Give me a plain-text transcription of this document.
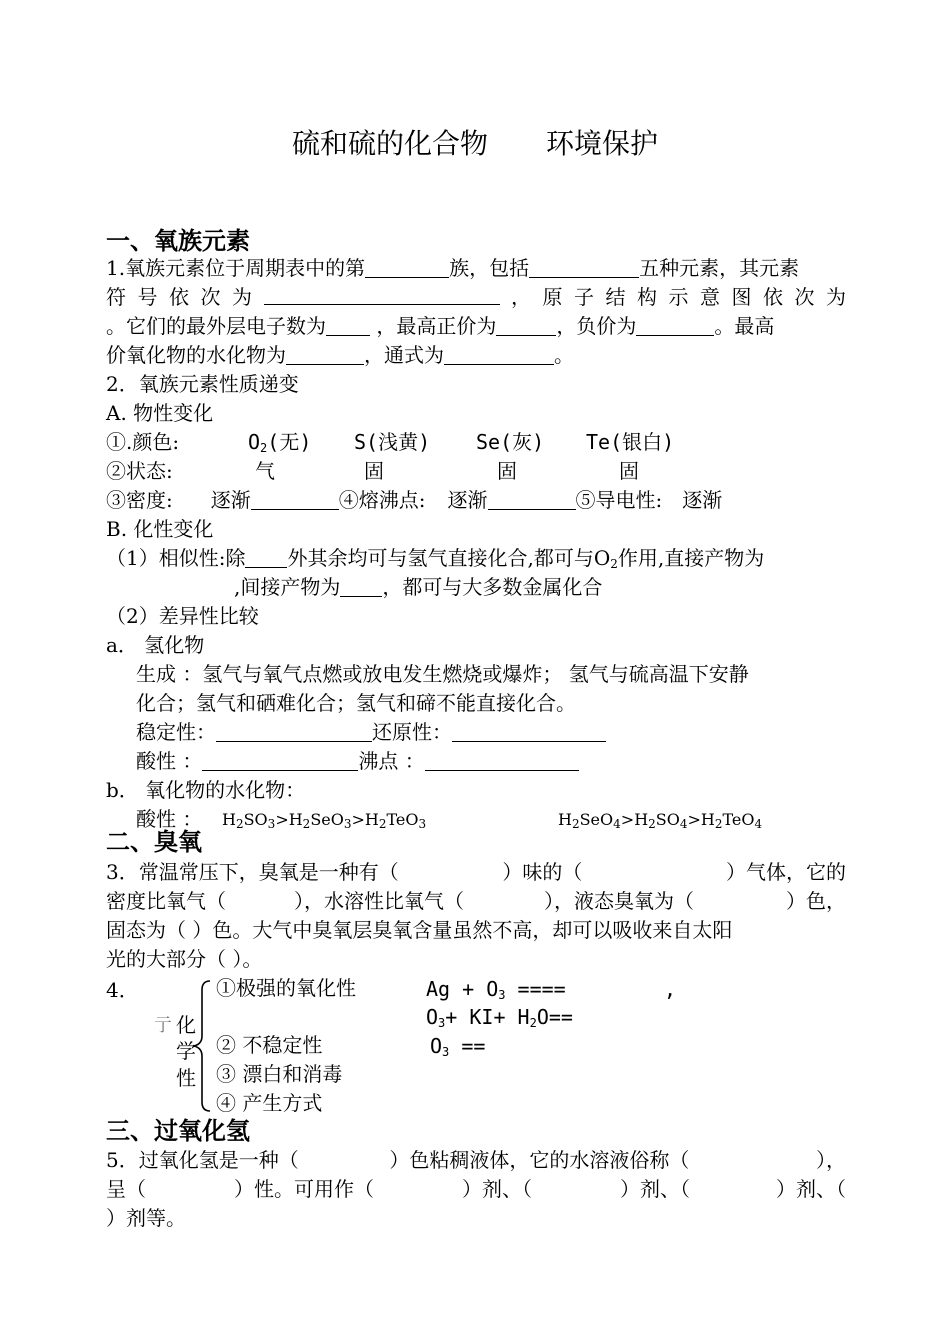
硫和硫的化合物 环境保护
一、氧族元素
1.氧族元素位于周期表中的第	族，包括	五种元素，其元素
符 号 依 次 为	， 原 子 结 构 示 意 图 依 次 为
。它们的最外层电子数为	，最高正价为	，负价为	。最高
价氧化物的水化物为	，通式为	。
2．氧族元素性质递变
A. 物性变化
①.颜色:	$O_2$(无) S(浅黄) Se(灰) Te(银白)
②状态:	气	固	固	固
③密度: 逐渐	④熔沸点: 逐渐	⑤导电性: 逐渐
B. 化性变化
（1）相似性:除 外其余均可与氢气直接化合,都可与$O_2$作用,直接产物为
,间接产物为 ，都可与大多数金属化合
（2）差异性比较
a． 氢化物
生成 ：氢气与氧气点燃或放电发生燃烧或爆炸； 氢气与硫高温下安静
化合；氢气和硒难化合；氢气和碲不能直接化合。
稳定性：	还原性：
酸性 ：	沸点 ：
b． 氧化物的水化物：
酸性 ： $H_2SO_3>H_2SeO_3>H_2TeO_3$	$H_2SeO_4>H_2SO_4>H_2TeO_4$
二、臭氧
3．常温常压下，臭氧是一种有（	）味的（	）气体，它的
密度比氧气（	），水溶性比氧气（	），液态臭氧为（	）色，
固态为（ ）色。大气中臭氧层臭氧含量虽然不高，却可以吸收来自太阳
光的大部分（ ）。
4．
亍 化
学
性
①极强的氧化性
② 不稳定性
③ 漂白和消毒
④ 产生方式
$Ag + O_3$ ====	,
$O_3+ KI+ H_2O==$
$O_3$ ==
三、过氧化氢
5．过氧化氢是一种（	）色粘稠液体，它的水溶液俗称（	），
呈（	）性。可用作（	）剂、（	）剂、（	）剂、（
）剂等。
